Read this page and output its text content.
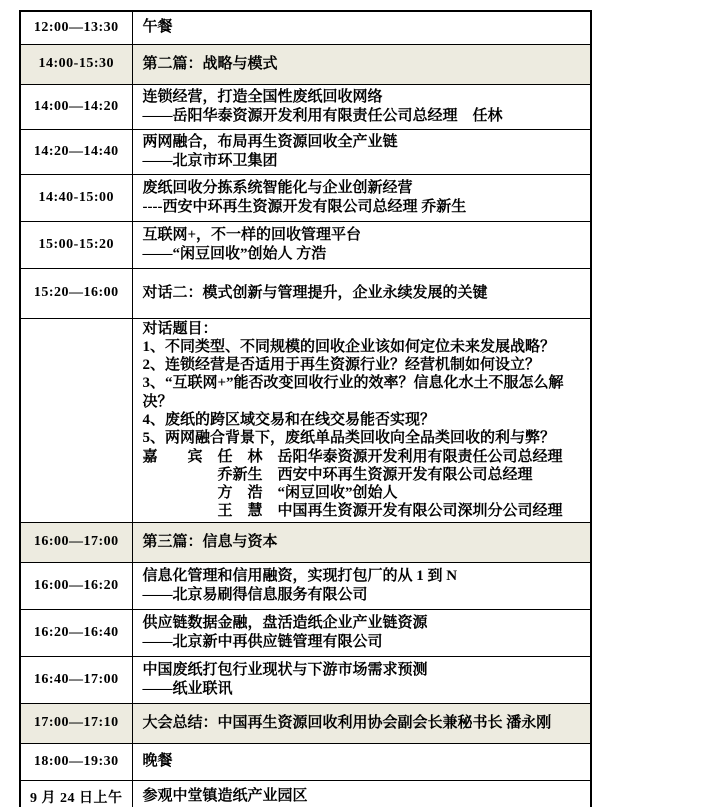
12:00—13:30	午餐

14:00-15:30	第二篇：战略与模式

14:00—14:20	连锁经营，打造全国性废纸回收网络
——岳阳华泰资源开发利用有限责任公司总经理　任林

14:20—14:40	两网融合，布局再生资源回收全产业链
——北京市环卫集团

14:40-15:00	废纸回收分拣系统智能化与企业创新经营
----西安中环再生资源开发有限公司总经理 乔新生

15:00-15:20	互联网+，不一样的回收管理平台
——“闲豆回收”创始人 方浩

15:20—16:00	对话二：模式创新与管理提升，企业永续发展的关键

对话题目：
1、不同类型、不同规模的回收企业该如何定位未来发展战略？
2、连锁经营是否适用于再生资源行业？经营机制如何设立？
3、“互联网+”能否改变回收行业的效率？信息化水土不服怎么解决？
4、废纸的跨区域交易和在线交易能否实现？
5、两网融合背景下，废纸单品类回收向全品类回收的利与弊？
嘉　　宾　任　林　岳阳华泰资源开发利用有限责任公司总经理
　　　　　乔新生　西安中环再生资源开发有限公司总经理
　　　　　方　浩　“闲豆回收”创始人
　　　　　王　慧　中国再生资源开发有限公司深圳分公司经理

16:00—17:00	第三篇：信息与资本

16:00—16:20	信息化管理和信用融资，实现打包厂的从 1 到 N
——北京易刷得信息服务有限公司

16:20—16:40	供应链数据金融，盘活造纸企业产业链资源
——北京新中再供应链管理有限公司

16:40—17:00	中国废纸打包行业现状与下游市场需求预测
——纸业联讯

17:00—17:10	大会总结：中国再生资源回收利用协会副会长兼秘书长 潘永刚

18:00—19:30	晚餐

9 月 24 日上午	参观中堂镇造纸产业园区
